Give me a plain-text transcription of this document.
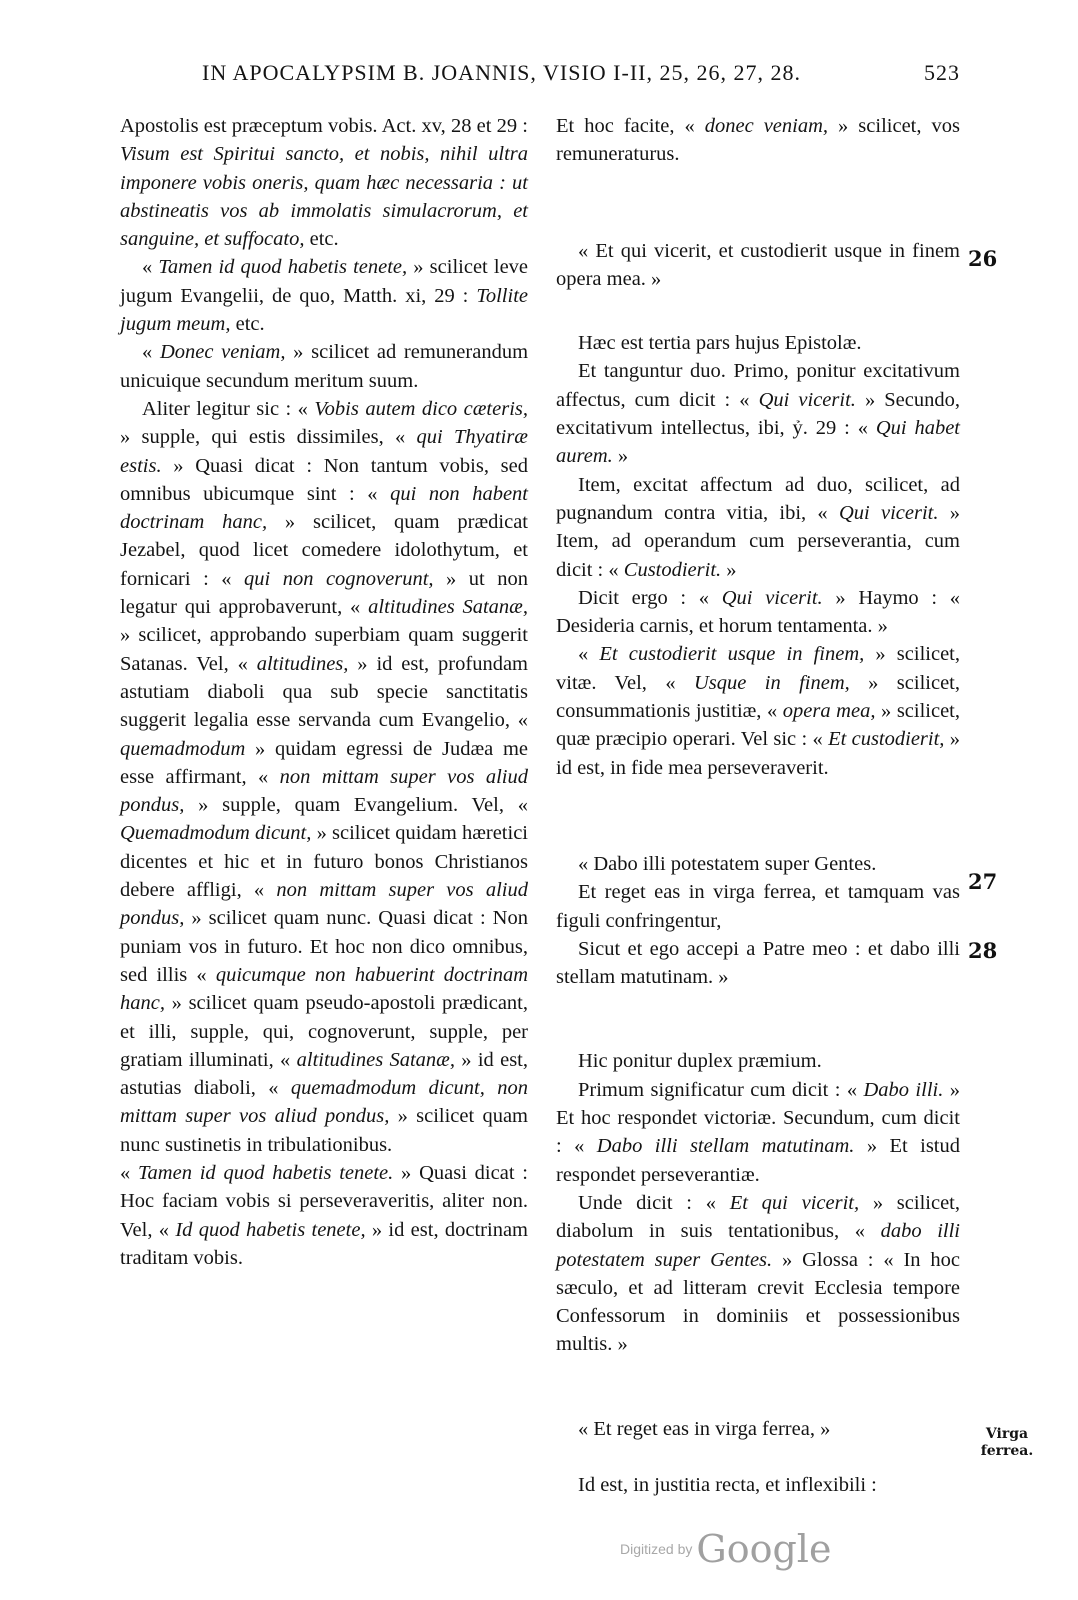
IN APOCALYPSIM B. JOANNIS, VISIO I-II, 25, 26, 27, 28.	523

Apostolis est præceptum vobis. Act. xv, 28 et 29 : Visum est Spiritui sancto, et nobis, nihil ultra imponere vobis oneris, quam hæc necessaria : ut abstineatis vos ab immolatis simulacrorum, et sanguine, et suffocato, etc.

« Tamen id quod habetis tenete, » scilicet leve jugum Evangelii, de quo, Matth. xi, 29 : Tollite jugum meum, etc.

« Donec veniam, » scilicet ad remunerandum unicuique secundum meritum suum.

Aliter legitur sic : « Vobis autem dico cæteris, » supple, qui estis dissimiles, « qui Thyatiræ estis. » Quasi dicat : Non tantum vobis, sed omnibus ubicumque sint : « qui non habent doctrinam hanc, » scilicet, quam prædicat Jezabel, quod licet comedere idolothytum, et fornicari : « qui non cognoverunt, » ut non legatur qui approbaverunt, « altitudines Satanæ, » scilicet, approbando superbiam quam suggerit Satanas. Vel, « altitudines, » id est, profundam astutiam diaboli qua sub specie sanctitatis suggerit legalia esse servanda cum Evangelio, « quemadmodum » quidam egressi de Judæa me esse affirmant, « non mittam super vos aliud pondus, » supple, quam Evangelium. Vel, « Quemadmodum dicunt, » scilicet quidam hæretici dicentes et hic et in futuro bonos Christianos debere affligi, « non mittam super vos aliud pondus, » scilicet quam nunc. Quasi dicat : Non puniam vos in futuro. Et hoc non dico omnibus, sed illis « quicumque non habuerint doctrinam hanc, » scilicet quam pseudo-apostoli prædicant, et illi, supple, qui, cognoverunt, supple, per gratiam illuminati, « altitudines Satanæ, » id est, astutias diaboli, « quemadmodum dicunt, non mittam super vos aliud pondus, » scilicet quam nunc sustinetis in tribulationibus.

« Tamen id quod habetis tenete. » Quasi dicat : Hoc faciam vobis si perseveraveritis, aliter non. Vel, « Id quod habetis tenete, » id est, doctrinam traditam vobis.

Et hoc facite, « donec veniam, » scilicet, vos remuneraturus.

« Et qui vicerit, et custodierit usque in finem opera mea. »

Hæc est tertia pars hujus Epistolæ.

Et tanguntur duo. Primo, ponitur excitativum affectus, cum dicit : « Qui vicerit. » Secundo, excitativum intellectus, ibi, ỷ. 29 : « Qui habet aurem. »

Item, excitat affectum ad duo, scilicet, ad pugnandum contra vitia, ibi, « Qui vicerit. » Item, ad operandum cum perseverantia, cum dicit : « Custodierit. »

Dicit ergo : « Qui vicerit. » Haymo : « Desideria carnis, et horum tentamenta. »

« Et custodierit usque in finem, » scilicet, vitæ. Vel, « Usque in finem, » scilicet, consummationis justitiæ, « opera mea, » scilicet, quæ præcipio operari. Vel sic : « Et custodierit, » id est, in fide mea perseveraverit.

« Dabo illi potestatem super Gentes.

Et reget eas in virga ferrea, et tamquam vas figuli confringentur,

Sicut et ego accepi a Patre meo : et dabo illi stellam matutinam. »

Hic ponitur duplex præmium.

Primum significatur cum dicit : « Dabo illi. » Et hoc respondet victoriæ. Secundum, cum dicit : « Dabo illi stellam matutinam. » Et istud respondet perseverantiæ.

Unde dicit : « Et qui vicerit, » scilicet, diabolum in suis tentationibus, « dabo illi potestatem super Gentes. » Glossa : « In hoc sæculo, et ad litteram crevit Ecclesia tempore Confessorum in dominiis et possessionibus multis. »

« Et reget eas in virga ferrea, »

Id est, in justitia recta, et inflexibili :

26
27
28
Virga ferrea.
Digitized by Google
